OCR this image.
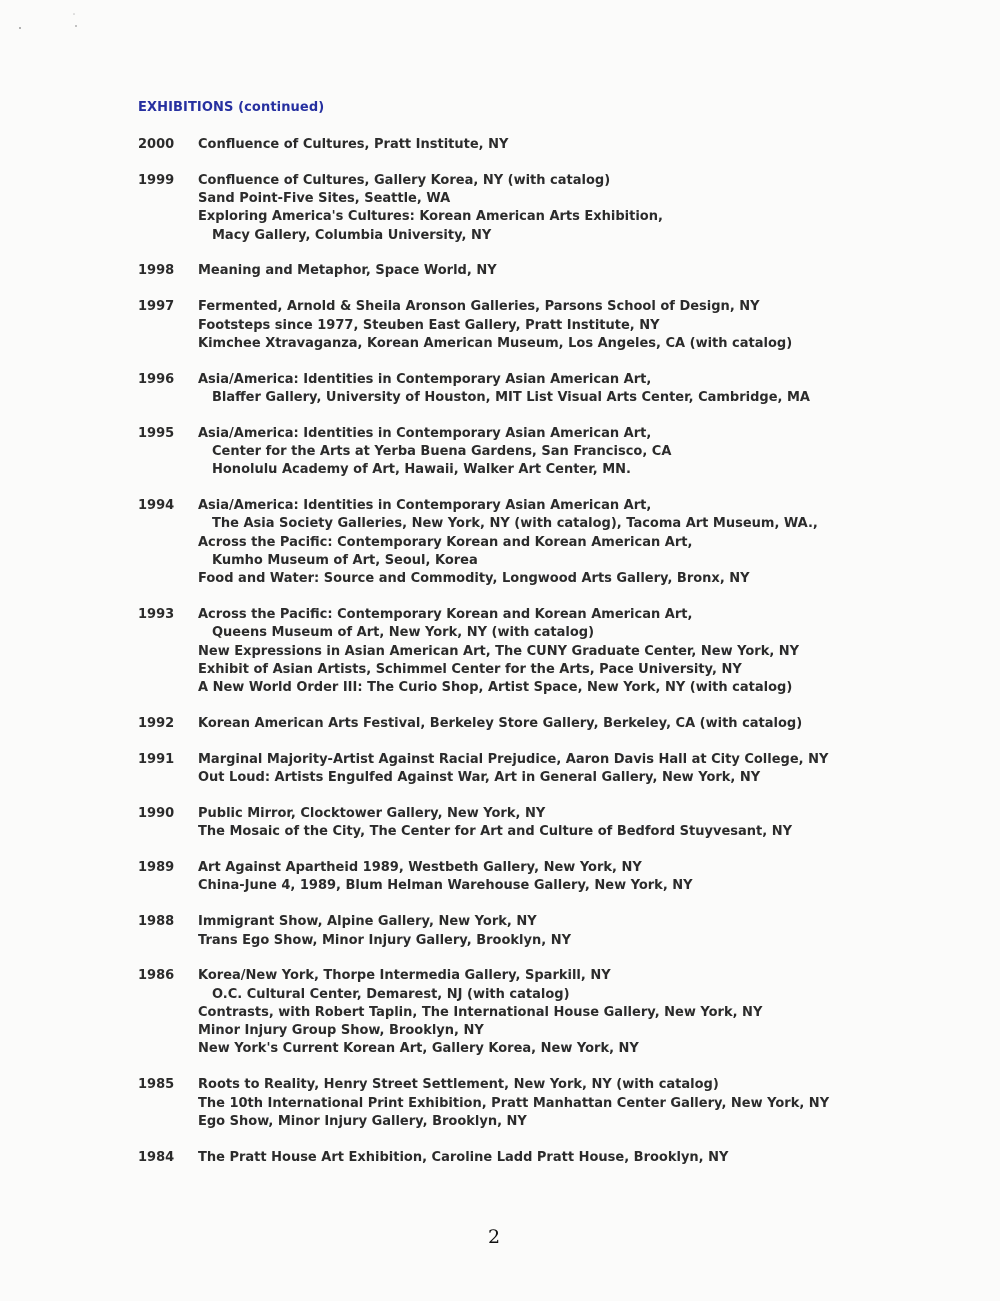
EXHIBITIONS (continued)
2000	Confluence of Cultures, Pratt Institute, NY
1999	Confluence of Cultures, Gallery Korea, NY (with catalog)
Sand Point-Five Sites, Seattle, WA
Exploring America's Cultures: Korean American Arts Exhibition,
Macy Gallery, Columbia University, NY
1998	Meaning and Metaphor, Space World, NY
1997	Fermented, Arnold & Sheila Aronson Galleries, Parsons School of Design, NY
Footsteps since 1977, Steuben East Gallery, Pratt Institute, NY
Kimchee Xtravaganza, Korean American Museum, Los Angeles, CA (with catalog)
1996	Asia/America: Identities in Contemporary Asian American Art,
Blaffer Gallery, University of Houston, MIT List Visual Arts Center, Cambridge, MA
1995	Asia/America: Identities in Contemporary Asian American Art,
Center for the Arts at Yerba Buena Gardens, San Francisco, CA
Honolulu Academy of Art, Hawaii, Walker Art Center, MN.
1994	Asia/America: Identities in Contemporary Asian American Art,
The Asia Society Galleries, New York, NY (with catalog), Tacoma Art Museum, WA.,
Across the Pacific: Contemporary Korean and Korean American Art,
Kumho Museum of Art, Seoul, Korea
Food and Water: Source and Commodity, Longwood Arts Gallery, Bronx, NY
1993	Across the Pacific: Contemporary Korean and Korean American Art,
Queens Museum of Art, New York, NY (with catalog)
New Expressions in Asian American Art, The CUNY Graduate Center, New York, NY
Exhibit of Asian Artists, Schimmel Center for the Arts, Pace University, NY
A New World Order III: The Curio Shop, Artist Space, New York, NY (with catalog)
1992	Korean American Arts Festival, Berkeley Store Gallery, Berkeley, CA (with catalog)
1991	Marginal Majority-Artist Against Racial Prejudice, Aaron Davis Hall at City College, NY
Out Loud: Artists Engulfed Against War, Art in General Gallery, New York, NY
1990	Public Mirror, Clocktower Gallery, New York, NY
The Mosaic of the City, The Center for Art and Culture of Bedford Stuyvesant, NY
1989	Art Against Apartheid 1989, Westbeth Gallery, New York, NY
China-June 4, 1989, Blum Helman Warehouse Gallery, New York, NY
1988	Immigrant Show, Alpine Gallery, New York, NY
Trans Ego Show, Minor Injury Gallery, Brooklyn, NY
1986	Korea/New York, Thorpe Intermedia Gallery, Sparkill, NY
O.C. Cultural Center, Demarest, NJ (with catalog)
Contrasts, with Robert Taplin, The International House Gallery, New York, NY
Minor Injury Group Show, Brooklyn, NY
New York's Current Korean Art, Gallery Korea, New York, NY
1985	Roots to Reality, Henry Street Settlement, New York, NY (with catalog)
The 10th International Print Exhibition, Pratt Manhattan Center Gallery, New York, NY
Ego Show, Minor Injury Gallery, Brooklyn, NY
1984	The Pratt House Art Exhibition, Caroline Ladd Pratt House, Brooklyn, NY
2
